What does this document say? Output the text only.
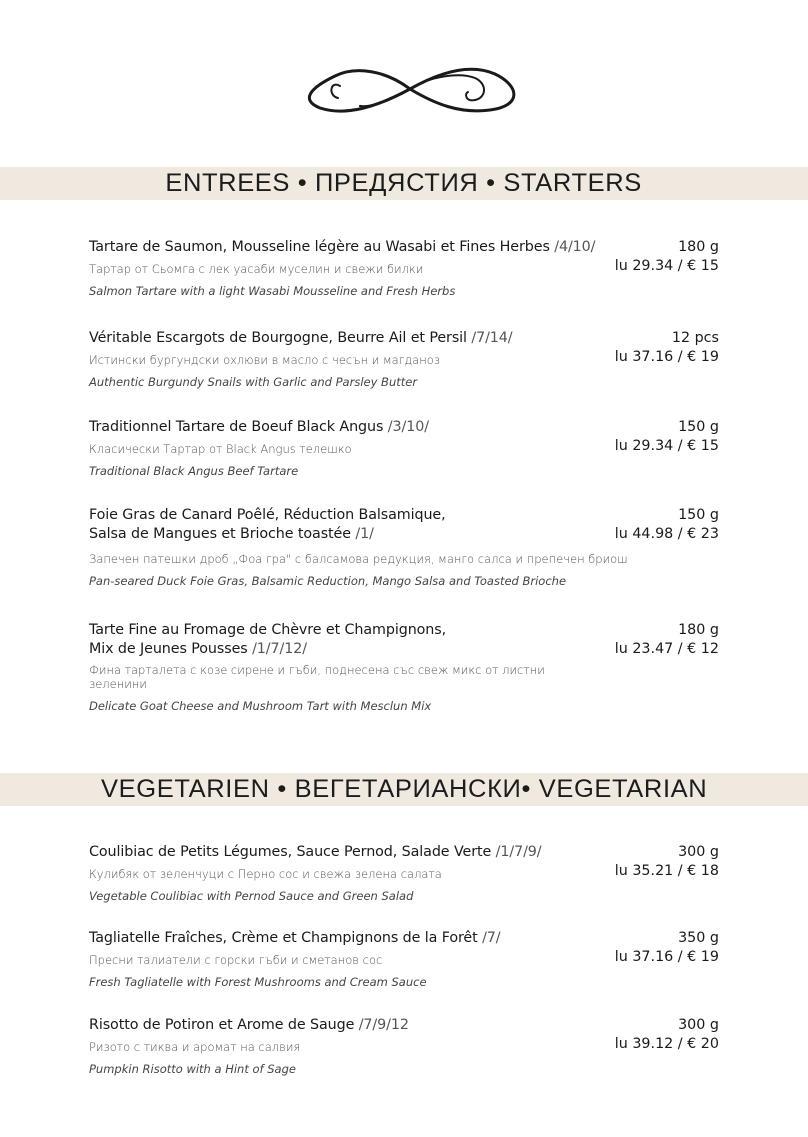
ENTREES • ПРЕДЯСТИЯ • STARTERS
Tartare de Saumon, Mousseline légère au Wasabi et Fines Herbes /4/10/
Тартар от Сьомга с лек уасаби муселин и свежи билки
Salmon Tartare with a light Wasabi Mousseline and Fresh Herbs
180 g
lu 29.34 / € 15
Véritable Escargots de Bourgogne, Beurre Ail et Persil /7/14/
Истински бургундски охлюви в масло с чесън и магданоз
Authentic Burgundy Snails with Garlic and Parsley Butter
12 pcs
lu 37.16 / € 19
Traditionnel Tartare de Boeuf Black Angus /3/10/
Класически Тартар от Black Angus телешко
Traditional Black Angus Beef Tartare
150 g
lu 29.34 / € 15
Foie Gras de Canard Poêlé, Réduction Balsamique,
Salsa de Mangues et Brioche toastée /1/
Запечен патешки дроб „Фоа гра" с балсамова редукция, манго салса и препечен бриош
Pan-seared Duck Foie Gras, Balsamic Reduction, Mango Salsa and Toasted Brioche
150 g
lu 44.98 / € 23
Tarte Fine au Fromage de Chèvre et Champignons,
Mix de Jeunes Pousses /1/7/12/
Фина тарталета с козе сирене и гъби, поднесена със свеж микс от листни зеленини
Delicate Goat Cheese and Mushroom Tart with Mesclun Mix
180 g
lu 23.47 / € 12
VEGETARIEN • ВЕГЕТАРИАНСКИ• VEGETARIAN
Coulibiac de Petits Légumes, Sauce Pernod, Salade Verte /1/7/9/
Кулибяк от зеленчуци с Перно сос и свежа зелена салата
Vegetable Coulibiac with Pernod Sauce and Green Salad
300 g
lu 35.21 / € 18
Tagliatelle Fraîches, Crème et Champignons de la Forêt /7/
Пресни талиатели с горски гъби и сметанов сос
Fresh Tagliatelle with Forest Mushrooms and Cream Sauce
350 g
lu 37.16 / € 19
Risotto de Potiron et Arome de Sauge /7/9/12
Ризото с тиква и аромат на салвия
Pumpkin Risotto with a Hint of Sage
300 g
lu 39.12 / € 20
